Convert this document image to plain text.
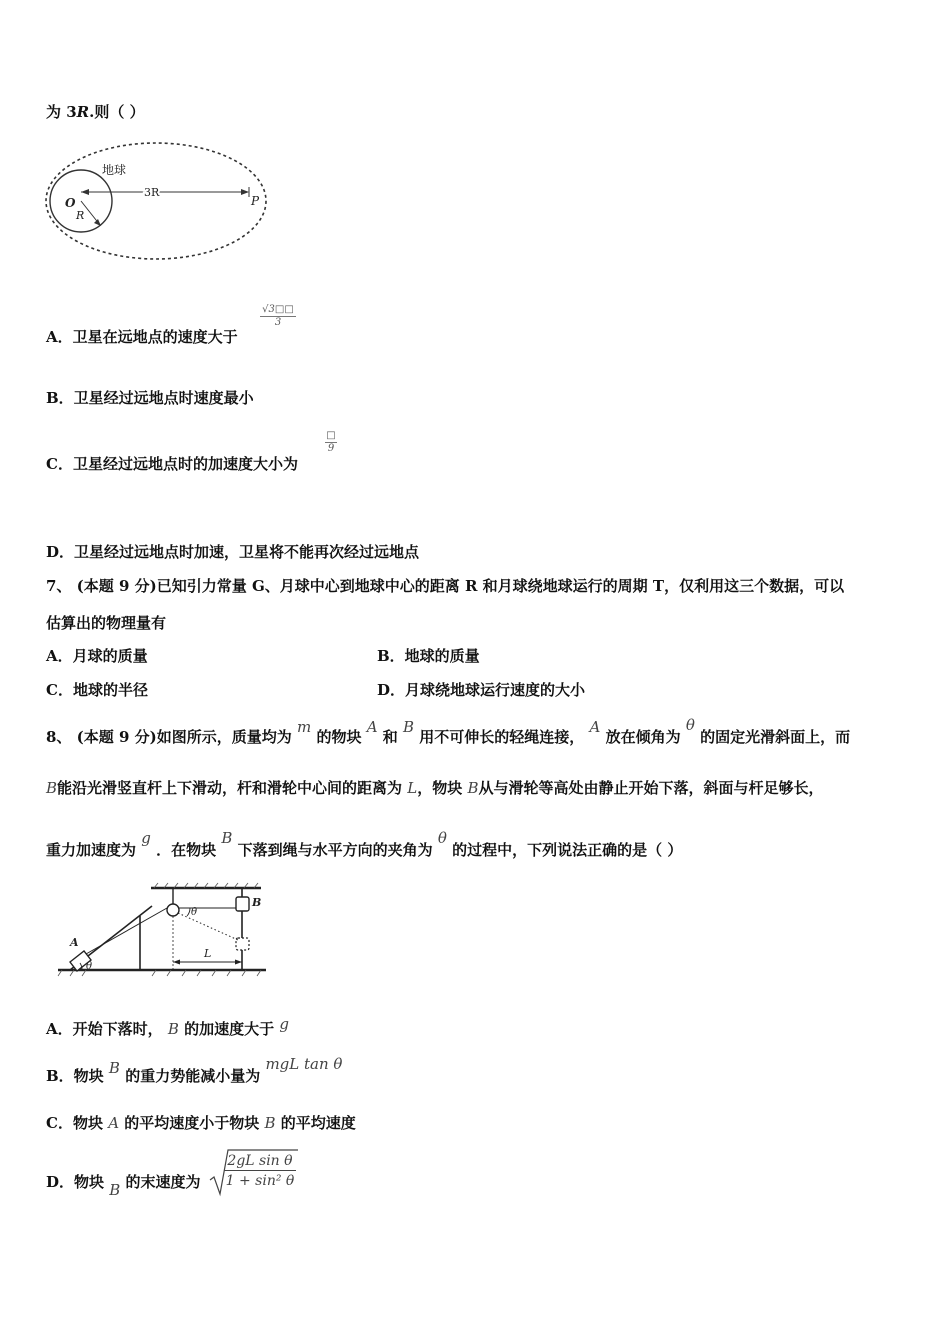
为 3R.则（ ）
地球
O
R
3R
P
A．卫星在远地点的速度大于
$\frac{√3□□}{3}$
B．卫星经过远地点时速度最小
C．卫星经过远地点时的加速度大小为
□
9
D．卫星经过远地点时加速，卫星将不能再次经过远地点
7、 (本题 9 分)已知引力常量 G、月球中心到地球中心的距离 R 和月球绕地球运行的周期 T，仅利用这三个数据，可以
估算出的物理量有
A．月球的质量	B．地球的质量
C．地球的半径	D．月球绕地球运行速度的大小
8、 (本题 9 分)如图所示，质量均为 m 的物块 A 和 B 用不可伸长的轻绳连接， A 放在倾角为 θ 的固定光滑斜面上，而
B能沿光滑竖直杆上下滑动，杆和滑轮中心间的距离为 L，物块 B从与滑轮等高处由静止开始下落，斜面与杆足够长，
重力加速度为 g ．在物块 B 下落到绳与水平方向的夹角为 θ 的过程中，下列说法正确的是（ ）
A
B
θ
θ
L
A．开始下落时， B 的加速度大于 g
B．物块 B 的重力势能减小量为 mgL tan θ
C．物块 A 的平均速度小于物块 B 的平均速度
D．物块 B 的末速度为 $\frac{\text{2gL sin θ}}{\text{1 + sin² θ}}$
